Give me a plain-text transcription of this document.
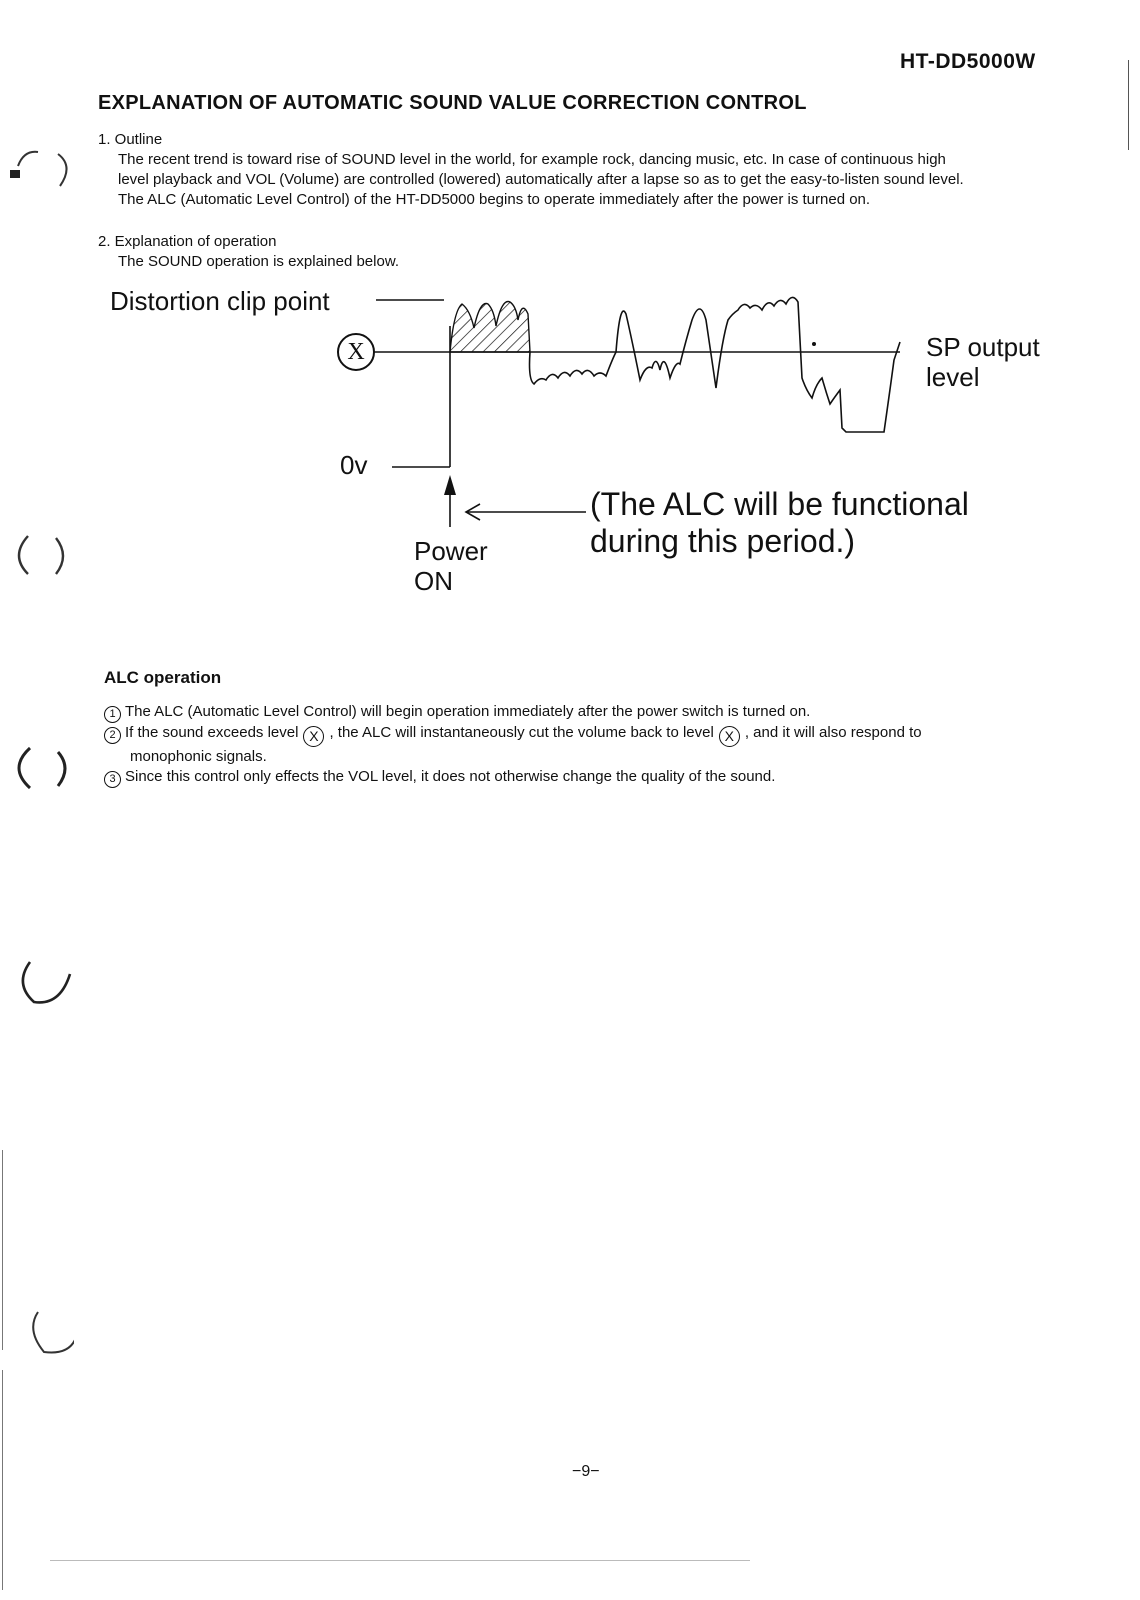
HT-DD5000W
EXPLANATION OF AUTOMATIC SOUND VALUE CORRECTION CONTROL
1. Outline
The recent trend is toward rise of SOUND level in the world, for example rock, dancing music, etc. In case of continuous high
level playback and VOL (Volume) are controlled (lowered) automatically after a lapse so as to get the easy-to-listen sound level.
The ALC (Automatic Level Control) of the HT-DD5000 begins to operate immediately after the power is turned on.
2. Explanation of operation
The SOUND operation is explained below.
Distortion clip point
X	SP output
level
0v
Power
ON
(The ALC will be functional
during this period.)
ALC operation

1 The ALC (Automatic Level Control) will begin operation immediately after the power switch is turned on.

2 If the sound exceeds level X , the ALC will instantaneously cut the volume back to level X , and it will also respond to

monophonic signals.

3 Since this control only effects the VOL level, it does not otherwise change the quality of the sound.

−9−
